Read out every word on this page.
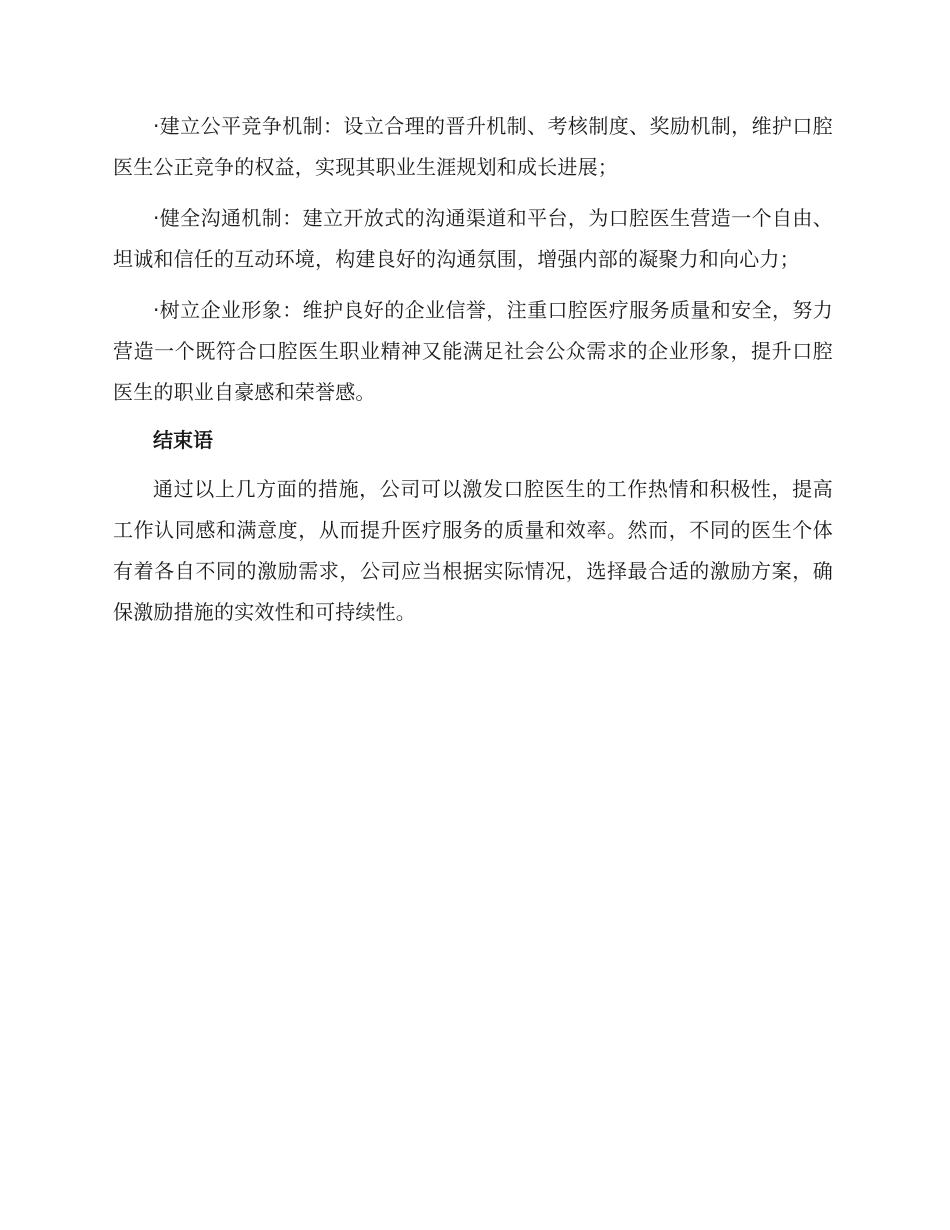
·建立公平竞争机制：设立合理的晋升机制、考核制度、奖励机制，维护口腔医生公正竞争的权益，实现其职业生涯规划和成长进展；

·健全沟通机制：建立开放式的沟通渠道和平台，为口腔医生营造一个自由、坦诚和信任的互动环境，构建良好的沟通氛围，增强内部的凝聚力和向心力；

·树立企业形象：维护良好的企业信誉，注重口腔医疗服务质量和安全，努力营造一个既符合口腔医生职业精神又能满足社会公众需求的企业形象，提升口腔医生的职业自豪感和荣誉感。

结束语

通过以上几方面的措施，公司可以激发口腔医生的工作热情和积极性，提高工作认同感和满意度，从而提升医疗服务的质量和效率。然而，不同的医生个体有着各自不同的激励需求，公司应当根据实际情况，选择最合适的激励方案，确保激励措施的实效性和可持续性。
